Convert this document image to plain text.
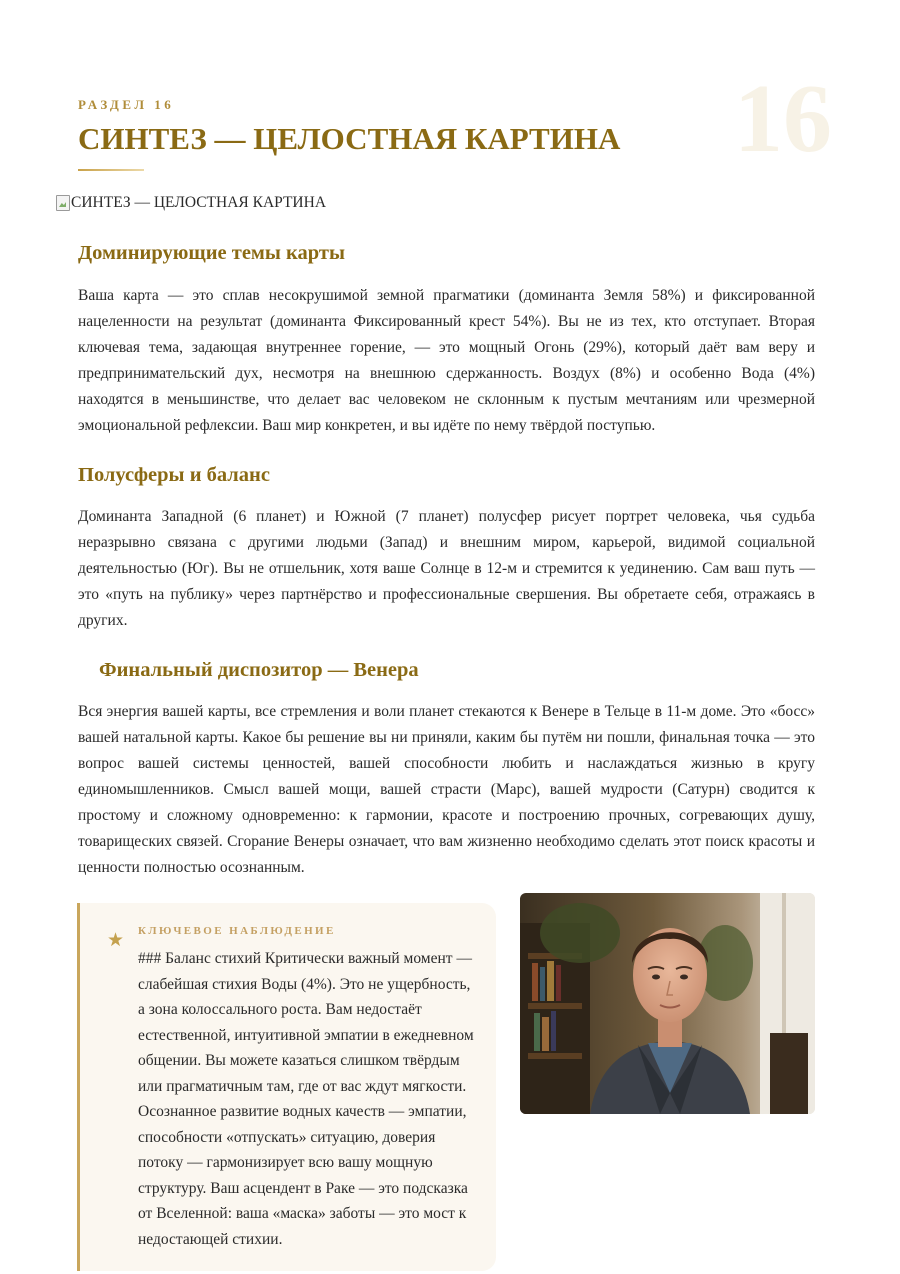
16
РАЗДЕЛ 16
СИНТЕЗ — ЦЕЛОСТНАЯ КАРТИНА
СИНТЕЗ — ЦЕЛОСТНАЯ КАРТИНА
Доминирующие темы карты

Ваша карта — это сплав несокрушимой земной прагматики (доминанта Земля 58%) и фиксированной нацеленности на результат (доминанта Фиксированный крест 54%). Вы не из тех, кто отступает. Вторая ключевая тема, задающая внутреннее горение, — это мощный Огонь (29%), который даёт вам веру и предпринимательский дух, несмотря на внешнюю сдержанность. Воздух (8%) и особенно Вода (4%) находятся в меньшинстве, что делает вас человеком не склонным к пустым мечтаниям или чрезмерной эмоциональной рефлексии. Ваш мир конкретен, и вы идёте по нему твёрдой поступью.

Полусферы и баланс

Доминанта Западной (6 планет) и Южной (7 планет) полусфер рисует портрет человека, чья судьба неразрывно связана с другими людьми (Запад) и внешним миром, карьерой, видимой социальной деятельностью (Юг). Вы не отшельник, хотя ваше Солнце в 12-м и стремится к уединению. Сам ваш путь — это «путь на публику» через партнёрство и профессиональные свершения. Вы обретаете себя, отражаясь в других.

Финальный диспозитор — Венера

Вся энергия вашей карты, все стремления и воли планет стекаются к Венере в Тельце в 11-м доме. Это «босс» вашей натальной карты. Какое бы решение вы ни приняли, каким бы путём ни пошли, финальная точка — это вопрос вашей системы ценностей, вашей способности любить и наслаждаться жизнью в кругу единомышленников. Смысл вашей мощи, вашей страсти (Марс), вашей мудрости (Сатурн) сводится к простому и сложному одновременно: к гармонии, красоте и построению прочных, согревающих душу, товарищеских связей. Сгорание Венеры означает, что вам жизненно необходимо сделать этот поиск красоты и ценности полностью осознанным.

★ КЛЮЧЕВОЕ НАБЛЮДЕНИЕ

### Баланс стихий Критически важный момент — слабейшая стихия Воды (4%). Это не ущербность, а зона колоссального роста. Вам недостаёт естественной, интуитивной эмпатии в ежедневном общении. Вы можете казаться слишком твёрдым или прагматичным там, где от вас ждут мягкости. Осознанное развитие водных качеств — эмпатии, способности «отпускать» ситуацию, доверия потоку — гармонизирует всю вашу мощную структуру. Ваш асцендент в Раке — это подсказка от Вселенной: ваша «маска» заботы — это мост к недостающей стихии.
